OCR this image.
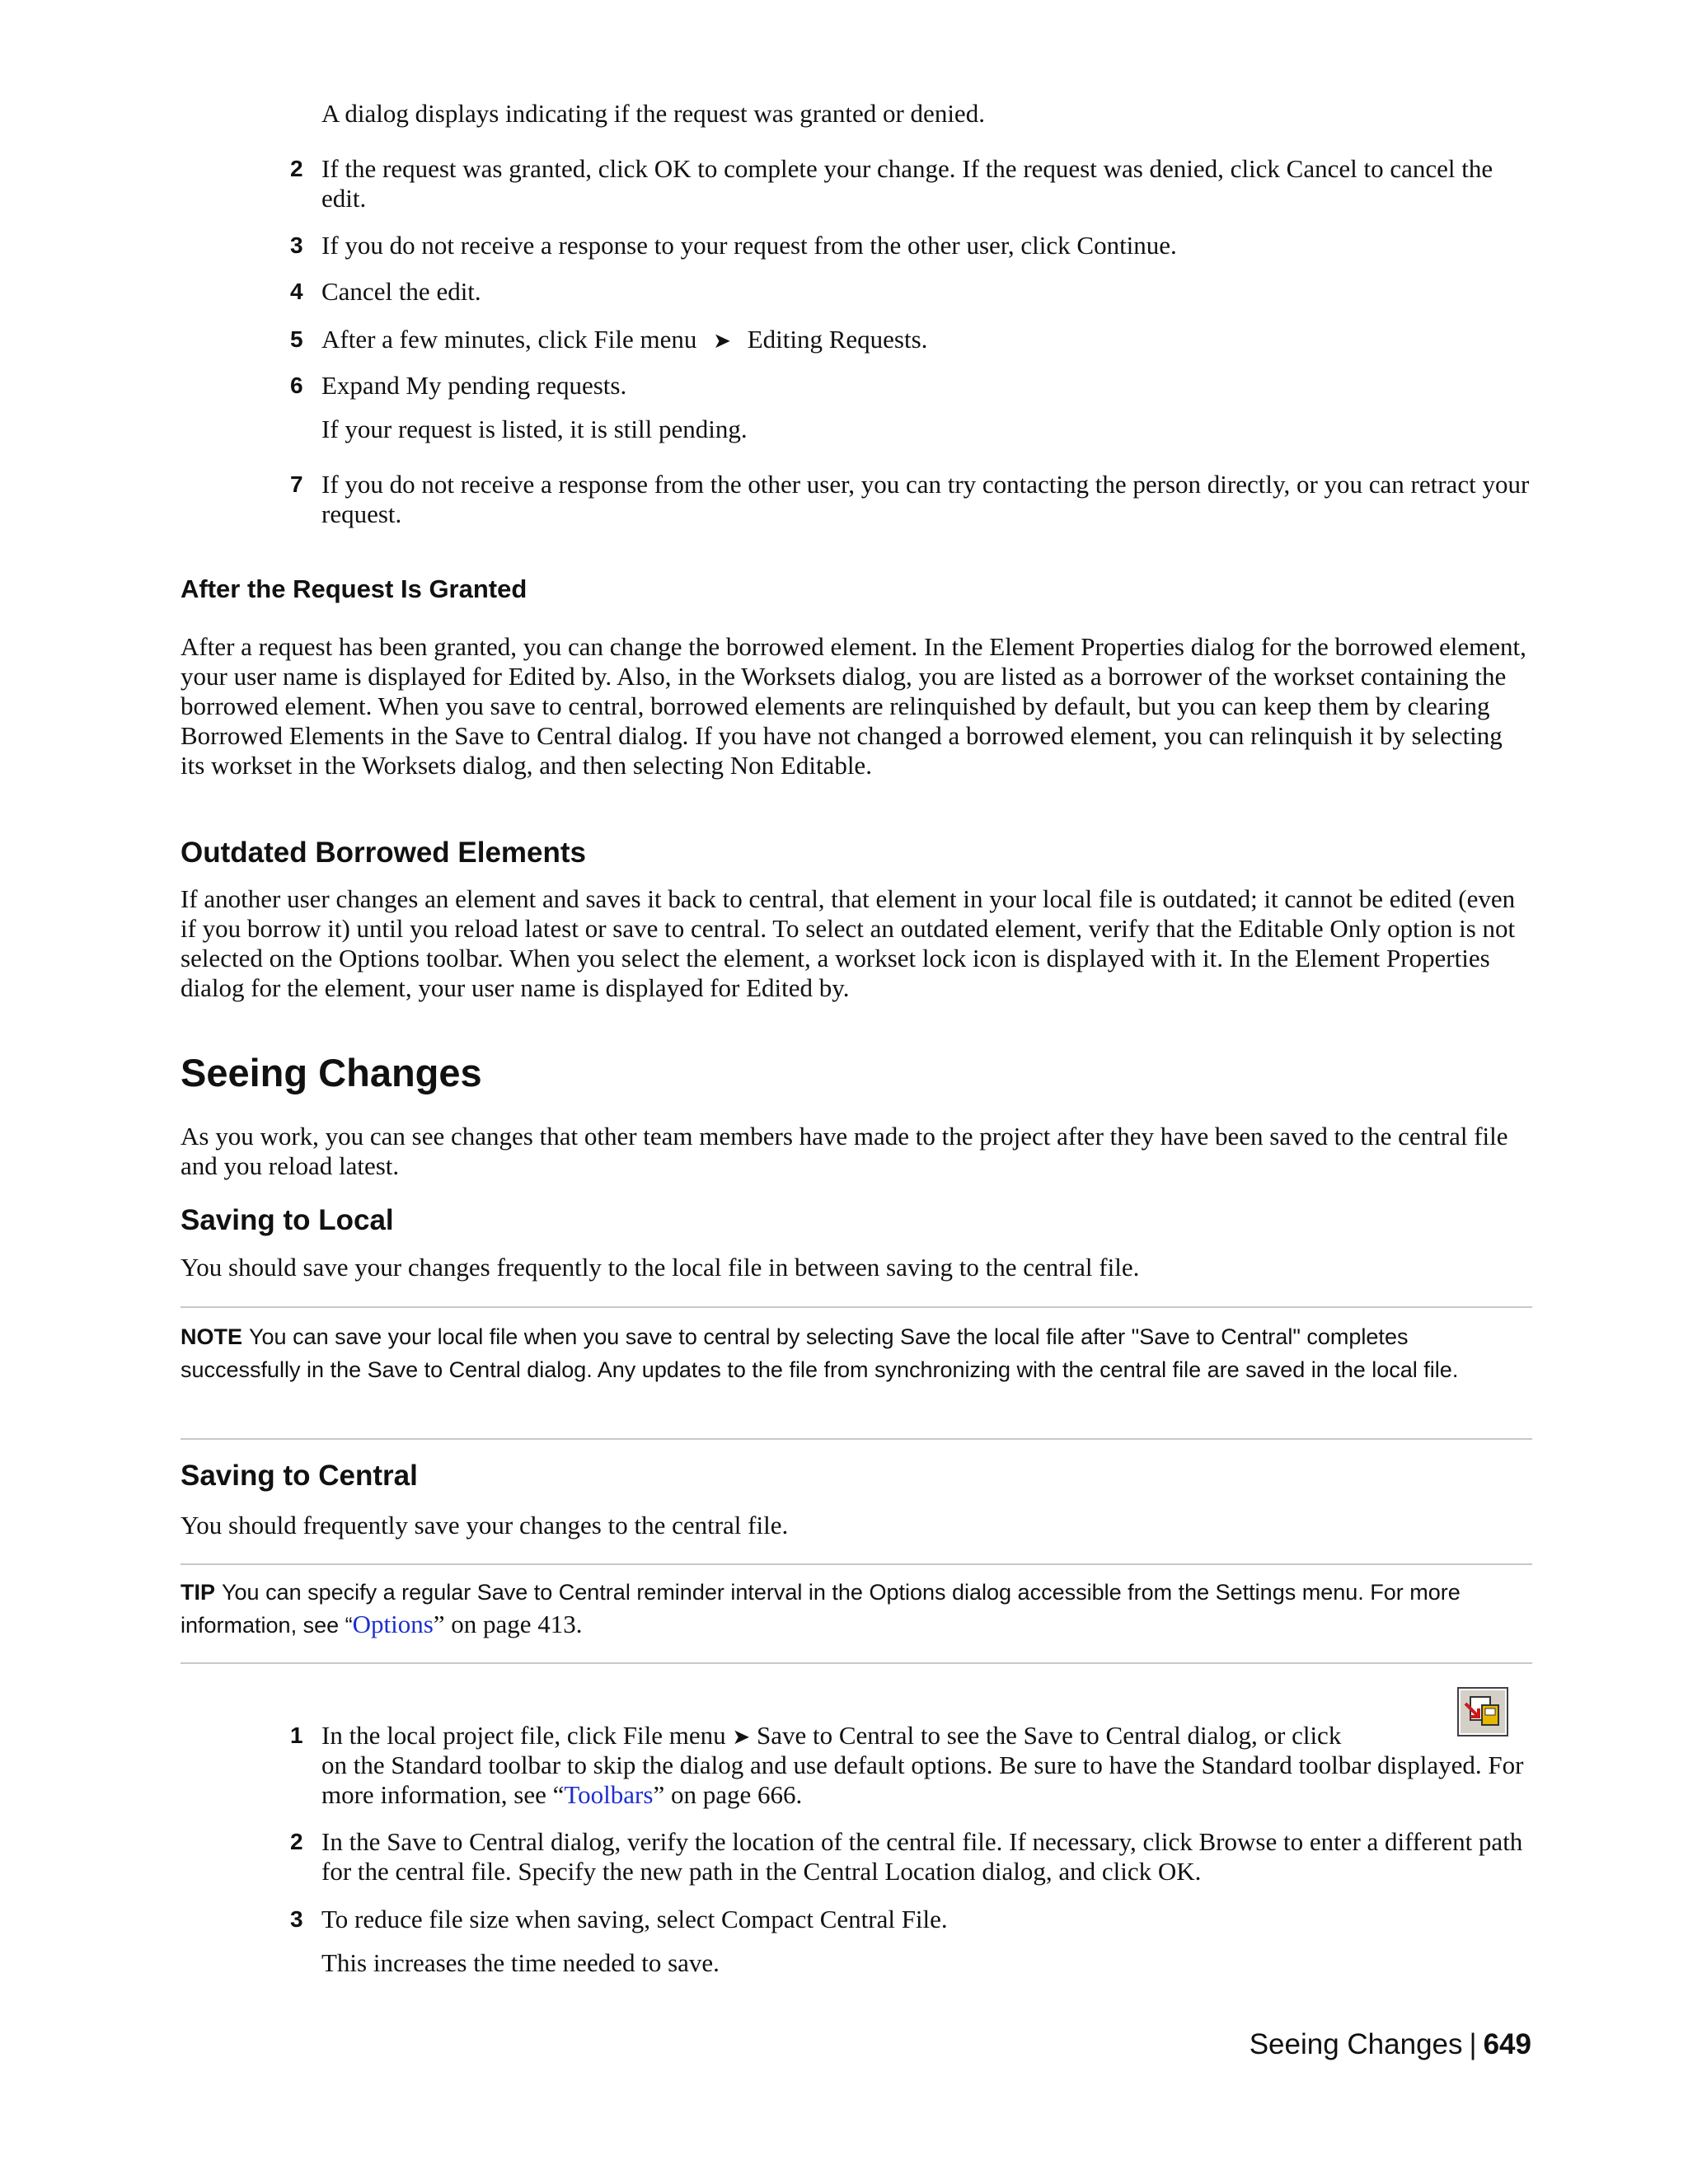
A dialog displays indicating if the request was granted or denied.
2 If the request was granted, click OK to complete your change. If the request was denied, click Cancel to cancel the edit.
3 If you do not receive a response to your request from the other user, click Continue.
4 Cancel the edit.
5 After a few minutes, click File menu ➤ Editing Requests.
6 Expand My pending requests.
If your request is listed, it is still pending.
7 If you do not receive a response from the other user, you can try contacting the person directly, or you can retract your request.
After the Request Is Granted
After a request has been granted, you can change the borrowed element. In the Element Properties dialog for the borrowed element, your user name is displayed for Edited by. Also, in the Worksets dialog, you are listed as a borrower of the workset containing the borrowed element. When you save to central, borrowed elements are relinquished by default, but you can keep them by clearing Borrowed Elements in the Save to Central dialog. If you have not changed a borrowed element, you can relinquish it by selecting its workset in the Worksets dialog, and then selecting Non Editable.
Outdated Borrowed Elements
If another user changes an element and saves it back to central, that element in your local file is outdated; it cannot be edited (even if you borrow it) until you reload latest or save to central. To select an outdated element, verify that the Editable Only option is not selected on the Options toolbar. When you select the element, a workset lock icon is displayed with it. In the Element Properties dialog for the element, your user name is displayed for Edited by.
Seeing Changes
As you work, you can see changes that other team members have made to the project after they have been saved to the central file and you reload latest.
Saving to Local
You should save your changes frequently to the local file in between saving to the central file.
NOTE You can save your local file when you save to central by selecting Save the local file after "Save to Central" completes successfully in the Save to Central dialog. Any updates to the file from synchronizing with the central file are saved in the local file.
Saving to Central
You should frequently save your changes to the central file.
TIP You can specify a regular Save to Central reminder interval in the Options dialog accessible from the Settings menu. For more information, see “Options” on page 413.
1 In the local project file, click File menu ➤ Save to Central to see the Save to Central dialog, or click
on the Standard toolbar to skip the dialog and use default options. Be sure to have the Standard toolbar displayed. For more information, see “Toolbars” on page 666.
2 In the Save to Central dialog, verify the location of the central file. If necessary, click Browse to enter a different path for the central file. Specify the new path in the Central Location dialog, and click OK.
3 To reduce file size when saving, select Compact Central File.
This increases the time needed to save.
Seeing Changes | 649
